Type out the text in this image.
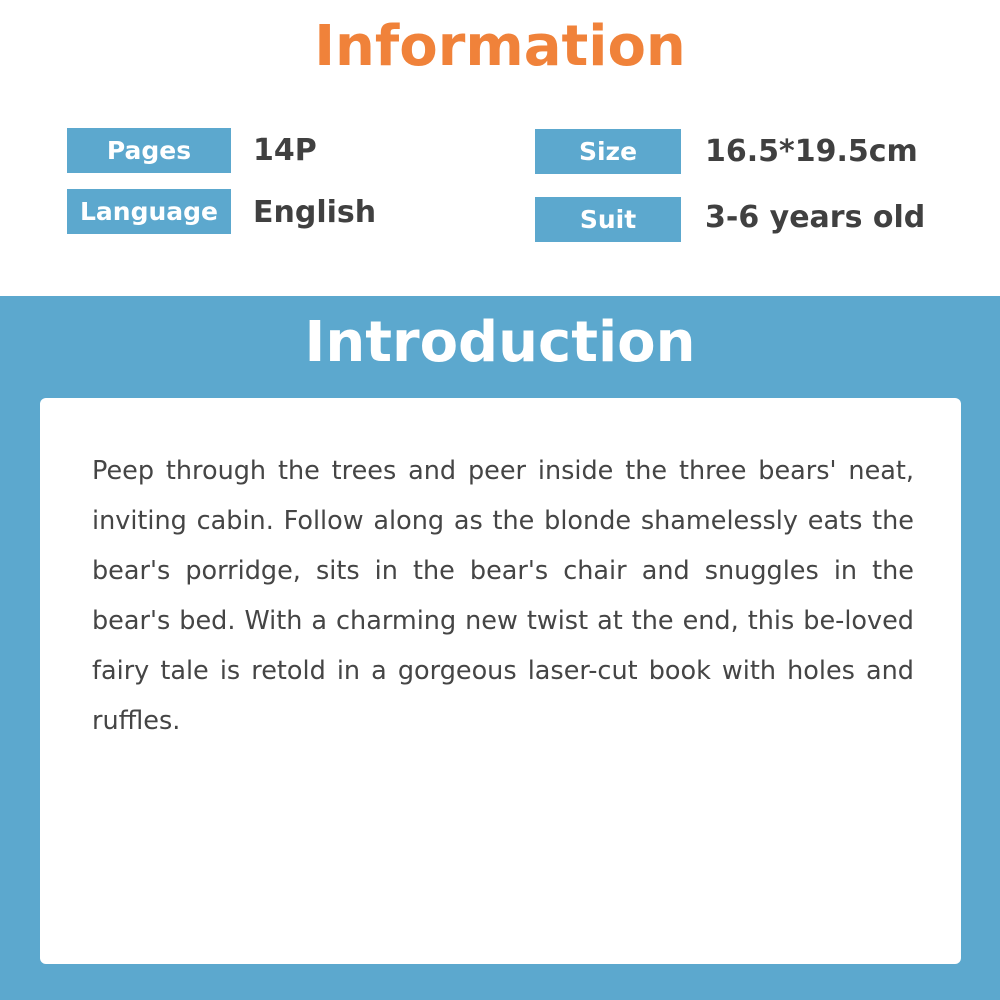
Information
Pages	14P
Language	English
Size	16.5*19.5cm
Suit	3-6 years old
Introduction

Peep through the trees and peer inside the three bears' neat, inviting cabin. Follow along as the blonde shamelessly eats the bear's porridge, sits in the bear's chair and snuggles in the bear's bed. With a charming new twist at the end, this be-loved fairy tale is retold in a gorgeous laser-cut book with holes and ruffles.
